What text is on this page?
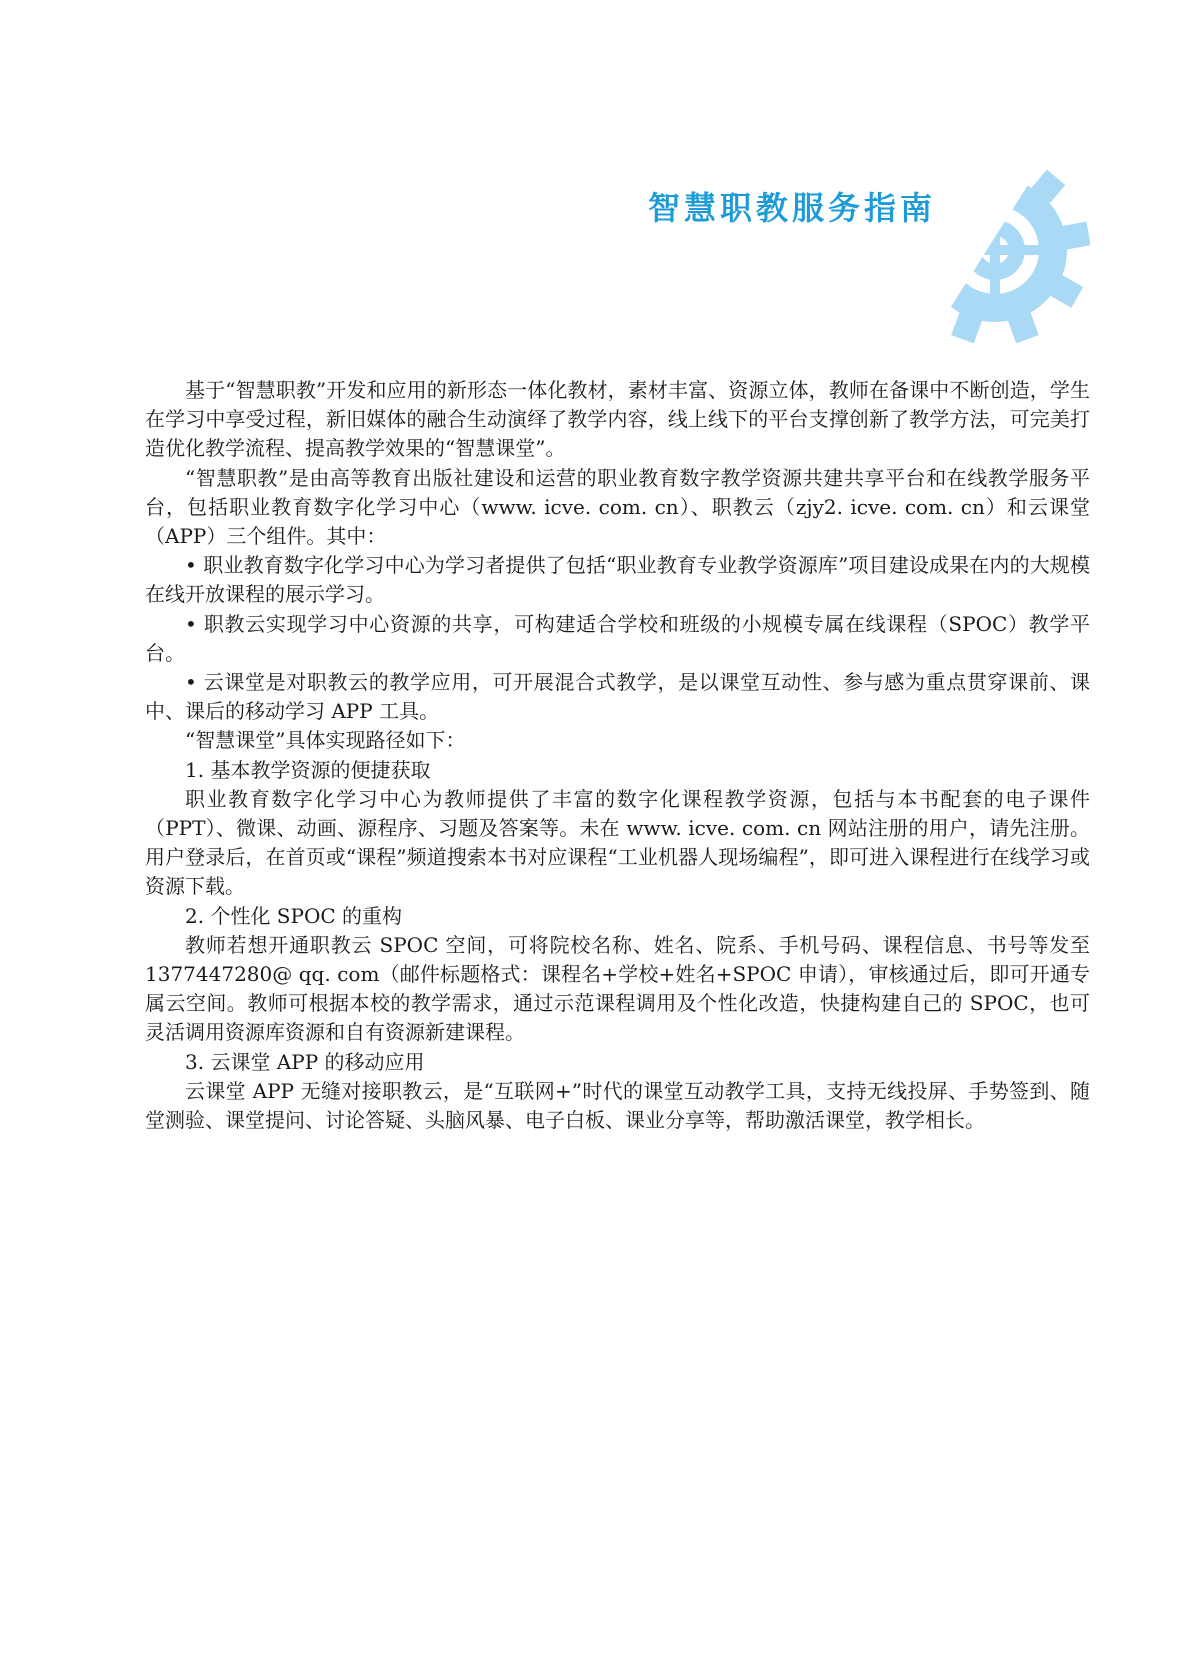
智慧职教服务指南

基于“智慧职教”开发和应用的新形态一体化教材，素材丰富、资源立体，教师在备课中不断创造，学生在学习中享受过程，新旧媒体的融合生动演绎了教学内容，线上线下的平台支撑创新了教学方法，可完美打造优化教学流程、提高教学效果的“智慧课堂”。

“智慧职教”是由高等教育出版社建设和运营的职业教育数字教学资源共建共享平台和在线教学服务平台，包括职业教育数字化学习中心（www. icve. com. cn）、职教云（zjy2. icve. com. cn）和云课堂（APP）三个组件。其中：

• 职业教育数字化学习中心为学习者提供了包括“职业教育专业教学资源库”项目建设成果在内的大规模在线开放课程的展示学习。

• 职教云实现学习中心资源的共享，可构建适合学校和班级的小规模专属在线课程（SPOC）教学平台。

• 云课堂是对职教云的教学应用，可开展混合式教学，是以课堂互动性、参与感为重点贯穿课前、课中、课后的移动学习 APP 工具。

“智慧课堂”具体实现路径如下：

1. 基本教学资源的便捷获取

职业教育数字化学习中心为教师提供了丰富的数字化课程教学资源，包括与本书配套的电子课件（PPT）、微课、动画、源程序、习题及答案等。未在 www. icve. com. cn 网站注册的用户，请先注册。用户登录后，在首页或“课程”频道搜索本书对应课程“工业机器人现场编程”，即可进入课程进行在线学习或资源下载。

2. 个性化 SPOC 的重构

教师若想开通职教云 SPOC 空间，可将院校名称、姓名、院系、手机号码、课程信息、书号等发至 1377447280@ qq. com（邮件标题格式：课程名+学校+姓名+SPOC 申请），审核通过后，即可开通专属云空间。教师可根据本校的教学需求，通过示范课程调用及个性化改造，快捷构建自己的 SPOC，也可灵活调用资源库资源和自有资源新建课程。

3. 云课堂 APP 的移动应用

云课堂 APP 无缝对接职教云，是“互联网+”时代的课堂互动教学工具，支持无线投屏、手势签到、随堂测验、课堂提问、讨论答疑、头脑风暴、电子白板、课业分享等，帮助激活课堂，教学相长。
